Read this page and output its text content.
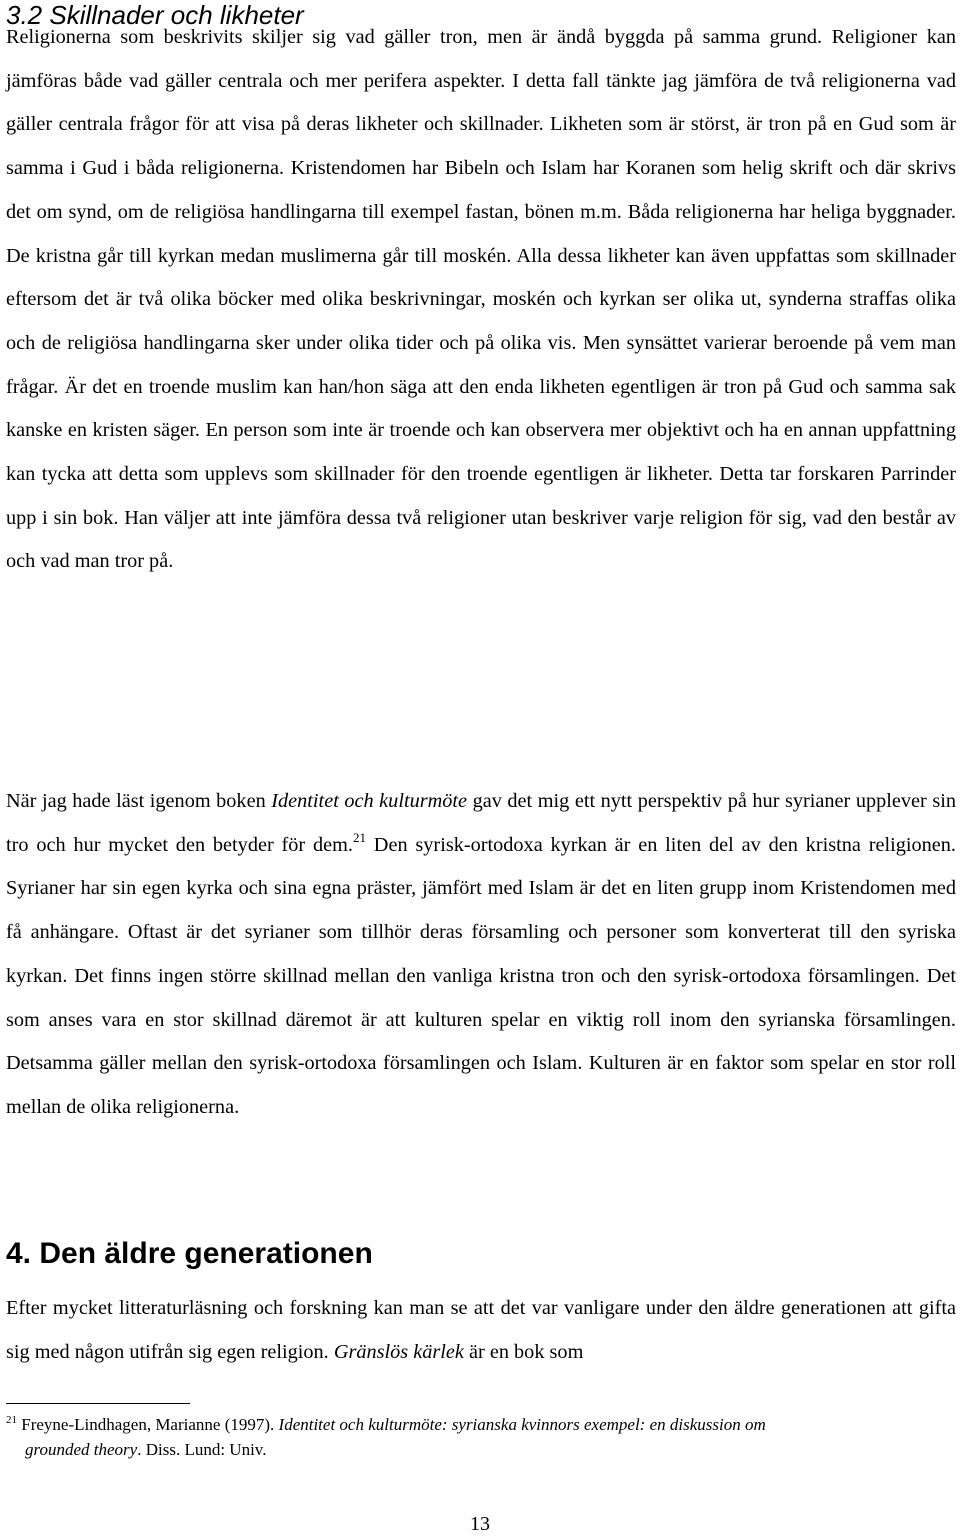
3.2 Skillnader och likheter

Religionerna som beskrivits skiljer sig vad gäller tron, men är ändå byggda på samma grund. Religioner kan jämföras både vad gäller centrala och mer perifera aspekter. I detta fall tänkte jag jämföra de två religionerna vad gäller centrala frågor för att visa på deras likheter och skillnader. Likheten som är störst, är tron på en Gud som är samma i Gud i båda religionerna. Kristendomen har Bibeln och Islam har Koranen som helig skrift och där skrivs det om synd, om de religiösa handlingarna till exempel fastan, bönen m.m. Båda religionerna har heliga byggnader. De kristna går till kyrkan medan muslimerna går till moskén. Alla dessa likheter kan även uppfattas som skillnader eftersom det är två olika böcker med olika beskrivningar, moskén och kyrkan ser olika ut, synderna straffas olika och de religiösa handlingarna sker under olika tider och på olika vis. Men synsättet varierar beroende på vem man frågar. Är det en troende muslim kan han/hon säga att den enda likheten egentligen är tron på Gud och samma sak kanske en kristen säger. En person som inte är troende och kan observera mer objektivt och ha en annan uppfattning kan tycka att detta som upplevs som skillnader för den troende egentligen är likheter. Detta tar forskaren Parrinder upp i sin bok. Han väljer att inte jämföra dessa två religioner utan beskriver varje religion för sig, vad den består av och vad man tror på.

När jag hade läst igenom boken Identitet och kulturmöte gav det mig ett nytt perspektiv på hur syrianer upplever sin tro och hur mycket den betyder för dem.$^{21}$ Den syrisk-ortodoxa kyrkan är en liten del av den kristna religionen. Syrianer har sin egen kyrka och sina egna präster, jämfört med Islam är det en liten grupp inom Kristendomen med få anhängare. Oftast är det syrianer som tillhör deras församling och personer som konverterat till den syriska kyrkan. Det finns ingen större skillnad mellan den vanliga kristna tron och den syrisk-ortodoxa församlingen. Det som anses vara en stor skillnad däremot är att kulturen spelar en viktig roll inom den syrianska församlingen. Detsamma gäller mellan den syrisk-ortodoxa församlingen och Islam. Kulturen är en faktor som spelar en stor roll mellan de olika religionerna.

4. Den äldre generationen

Efter mycket litteraturläsning och forskning kan man se att det var vanligare under den äldre generationen att gifta sig med någon utifrån sig egen religion. Gränslös kärlek är en bok som

$^{21}$ Freyne-Lindhagen, Marianne (1997). Identitet och kulturmöte: syrianska kvinnors exempel: en diskussion om
grounded theory. Diss. Lund: Univ.
13
